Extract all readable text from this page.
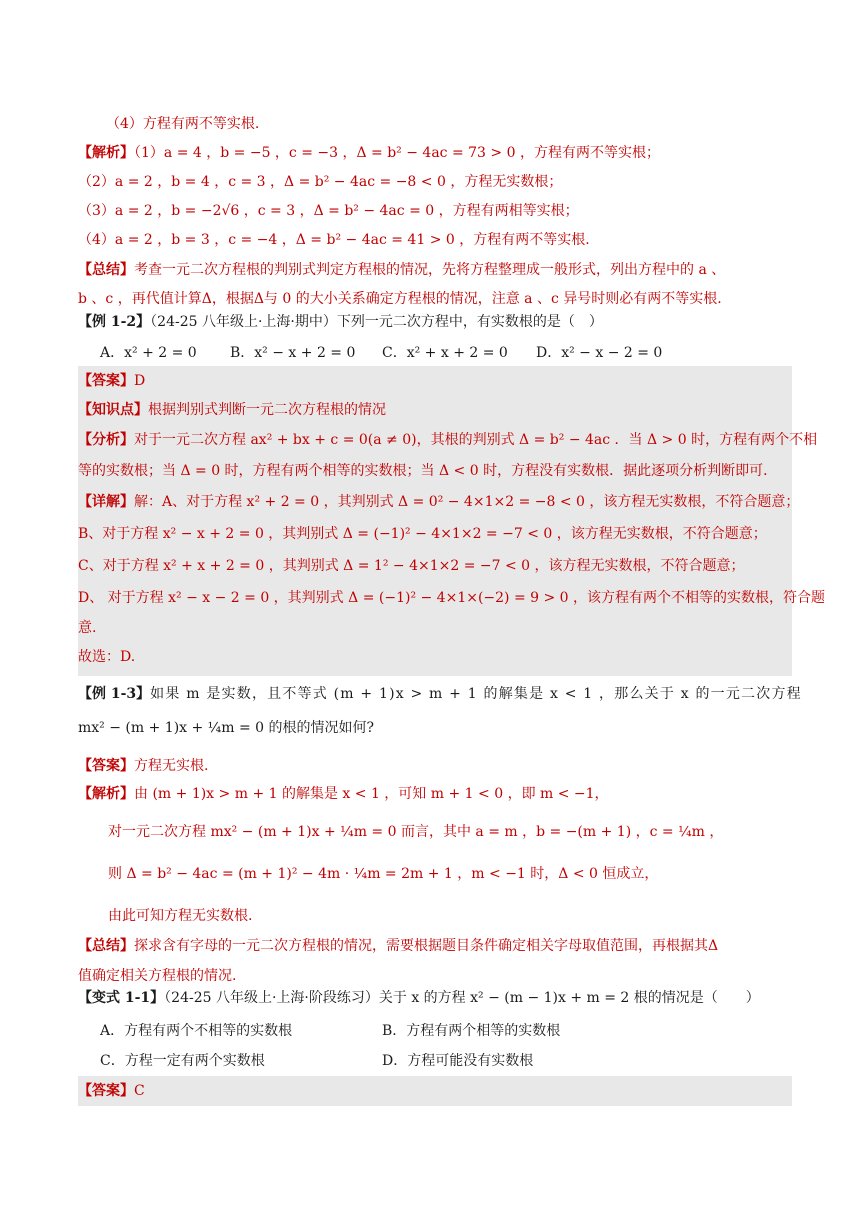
（4）方程有两不等实根.
【解析】（1）a = 4 ，b = −5 ，c = −3 ，Δ = b² − 4ac = 73 > 0 ，方程有两不等实根；
（2）a = 2 ，b = 4 ，c = 3 ，Δ = b² − 4ac = −8 < 0 ，方程无实数根；
（3）a = 2 ，b = −2√6 ，c = 3 ，Δ = b² − 4ac = 0 ，方程有两相等实根；
（4）a = 2 ，b = 3 ，c = −4 ，Δ = b² − 4ac = 41 > 0 ，方程有两不等实根.
【总结】考查一元二次方程根的判别式判定方程根的情况，先将方程整理成一般形式，列出方程中的 a 、
b 、c ，再代值计算Δ，根据Δ与 0 的大小关系确定方程根的情况，注意 a 、c 异号时则必有两不等实根.
【例 1-2】（24-25 八年级上·上海·期中）下列一元二次方程中，有实数根的是（　）
A．x² + 2 = 0 B．x² − x + 2 = 0 C．x² + x + 2 = 0 D．x² − x − 2 = 0
【答案】D
【知识点】根据判别式判断一元二次方程根的情况
【分析】对于一元二次方程 ax² + bx + c = 0(a ≠ 0)，其根的判别式 Δ = b² − 4ac ．当 Δ > 0 时，方程有两个不相
等的实数根；当 Δ = 0 时，方程有两个相等的实数根；当 Δ < 0 时，方程没有实数根．据此逐项分析判断即可．
【详解】解：A、对于方程 x² + 2 = 0 ，其判别式 Δ = 0² − 4×1×2 = −8 < 0 ，该方程无实数根，不符合题意；
B、对于方程 x² − x + 2 = 0 ，其判别式 Δ = (−1)² − 4×1×2 = −7 < 0 ，该方程无实数根，不符合题意；
C、对于方程 x² + x + 2 = 0 ，其判别式 Δ = 1² − 4×1×2 = −7 < 0 ，该方程无实数根，不符合题意；
D、 对于方程 x² − x − 2 = 0 ，其判别式 Δ = (−1)² − 4×1×(−2) = 9 > 0 ，该方程有两个不相等的实数根，符合题
意.
故选：D.
【例 1-3】如果 m 是实数，且不等式 (m + 1)x > m + 1 的解集是 x < 1 ，那么关于 x 的一元二次方程
mx² − (m + 1)x + ¼m = 0 的根的情况如何?
【答案】方程无实根.
【解析】由 (m + 1)x > m + 1 的解集是 x < 1 ，可知 m + 1 < 0 ，即 m < −1，
对一元二次方程 mx² − (m + 1)x + ¼m = 0 而言，其中 a = m ，b = −(m + 1) ，c = ¼m ，
则 Δ = b² − 4ac = (m + 1)² − 4m · ¼m = 2m + 1 ，m < −1 时，Δ < 0 恒成立，
由此可知方程无实数根.
【总结】探求含有字母的一元二次方程根的情况，需要根据题目条件确定相关字母取值范围，再根据其Δ
值确定相关方程根的情况.
【变式 1-1】（24-25 八年级上·上海·阶段练习）关于 x 的方程 x² − (m − 1)x + m = 2 根的情况是（　　）
A．方程有两个不相等的实数根	B．方程有两个相等的实数根
C．方程一定有两个实数根	D．方程可能没有实数根
【答案】C
